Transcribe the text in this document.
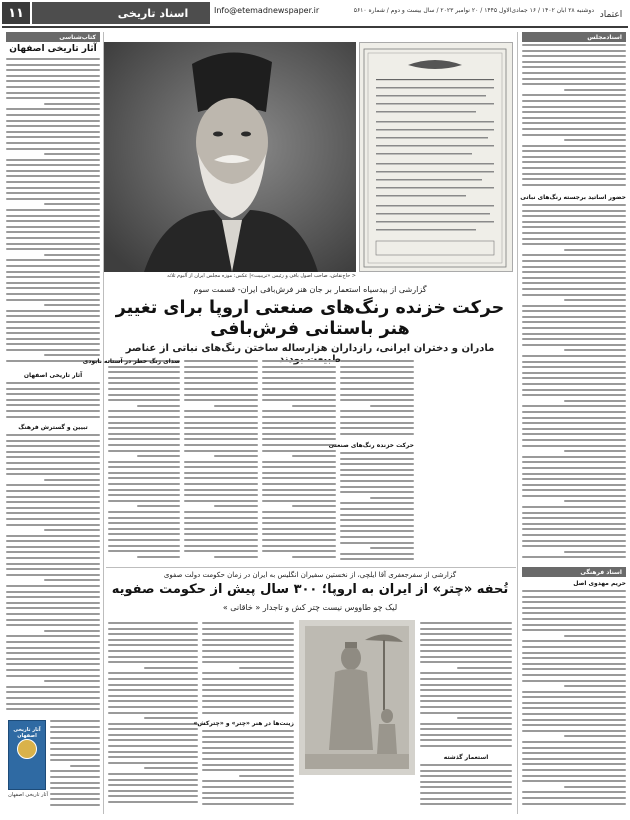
۱۱	اسناد تاریخی	Info@etemadnewspaper.ir	دوشنبه ۲۸ آبان ۱۴۰۲ / ۱۶ جمادی‌الاول ۱۴۴۵ / ۲۰ نوامبر ۲۰۲۳ / سال بیست و دوم / شماره ۵۶۱۰ اعتماد
کتاب‌شناسی
آثار تاریخی اصفهان
آثار تاریخی اصفهان
تبیین و گسترش فرهنگ
آثار تاریخی اصفهان
آثار تاریخی اصفهان
< حاج‌نقاش، صاحب اصول بافی و رئیس «تریبیت»| عکس: موزه مجلس ایران از آلبوم ثلاثه
گزارشی از بیدسیاه استعمار بر جان هنر فرش‌بافی ایران- قسمت سوم
حرکت خزنده رنگ‌های صنعتی اروپا برای تغییر هنر باستانی فرش‌بافی
مادران و دختران ایرانی، رازداران هزارساله ساختن رنگ‌های نباتی از عناصر
صدای زنگ خطر در آستانه نابودی
حرکت خزنده رنگ‌های صنعتی
گزارشی از سفرجعفری آقا ایلچی، از نخستین سفیران انگلیس به ایران در زمان حکومت دولت صفوی
تُحفه «چتر» از ایران به اروپا؛ ۳۰۰ سال پیش از حکومت صفویه
لیک چو طاووس نیست چتر کش و تاجدار « خاقانی »
زینت‌ها در هنر «چتر» و «چترکش»
استعمار گذشته
اسنادمجلس
حضور اساتید برجسته رنگ‌های نباتی
اسناد فرهنگی
حریم مهدوی اصل
